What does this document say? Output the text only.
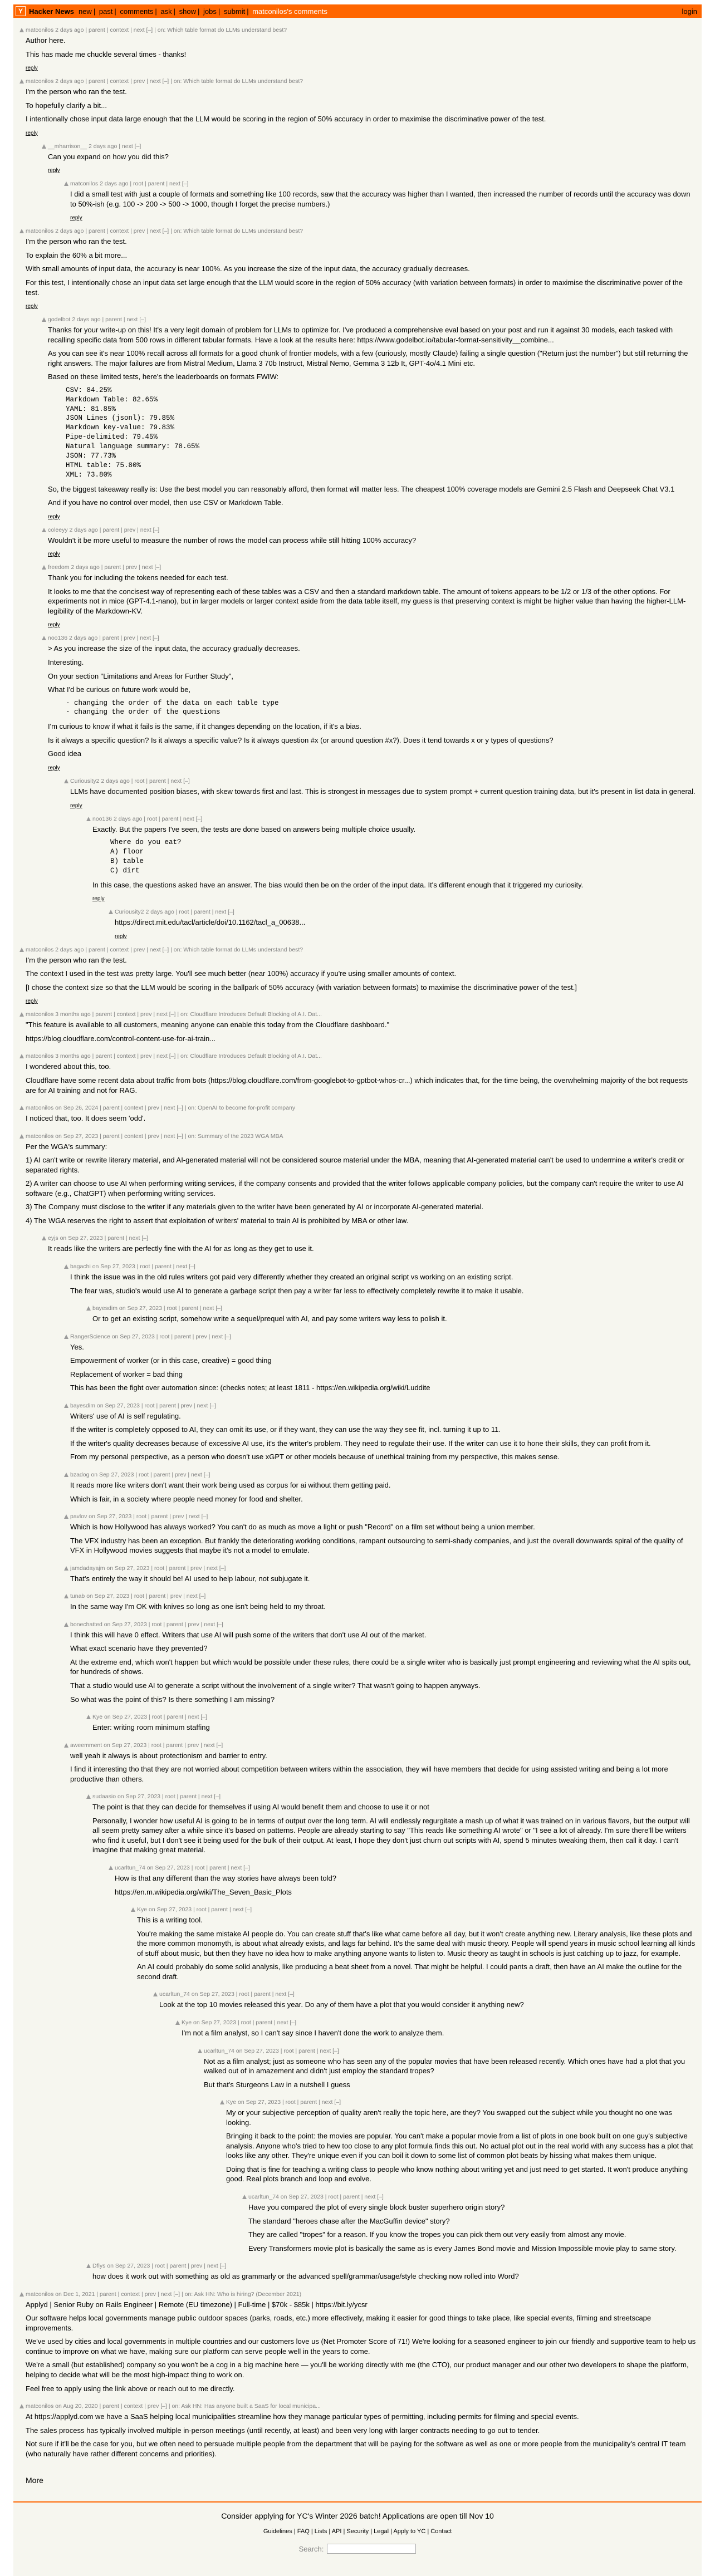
Y Hacker News new | past | comments | ask | show | jobs | submit | matconilos's comments	login
matconilos 2 days ago | parent | context | next [–] | on: Which table format do LLMs understand best?

Author here.

This has made me chuckle several times - thanks!

reply
matconilos 2 days ago | parent | context | prev | next [–] | on: Which table format do LLMs understand best?

I'm the person who ran the test.

To hopefully clarify a bit...

I intentionally chose input data large enough that the LLM would be scoring in the region of 50% accuracy in order to maximise the discriminative power of the test.

reply
__mharrison__ 2 days ago | next [–]

Can you expand on how you did this?

reply
matconilos 2 days ago | root | parent | next [–]

I did a small test with just a couple of formats and something like 100 records, saw that the accuracy was higher than I wanted, then increased the number of records until the accuracy was down to 50%-ish (e.g. 100 -> 200 -> 500 -> 1000, though I forget the precise numbers.)

reply
matconilos 2 days ago | parent | context | prev | next [–] | on: Which table format do LLMs understand best?

I'm the person who ran the test.

To explain the 60% a bit more...

With small amounts of input data, the accuracy is near 100%. As you increase the size of the input data, the accuracy gradually decreases.

For this test, I intentionally chose an input data set large enough that the LLM would score in the region of 50% accuracy (with variation between formats) in order to maximise the discriminative power of the test.

reply
godelbot 2 days ago | parent | next [–]

Thanks for your write-up on this! It's a very legit domain of problem for LLMs to optimize for. I've produced a comprehensive eval based on your post and run it against 30 models, each tasked with recalling specific data from 500 rows in different tabular formats. Have a look at the results here: https://www.godelbot.io/tabular-format-sensitivity__combine...

As you can see it's near 100% recall across all formats for a good chunk of frontier models, with a few (curiously, mostly Claude) failing a single question ("Return just the number") but still returning the right answers. The major failures are from Mistral Medium, Llama 3 70b Instruct, Mistral Nemo, Gemma 3 12b It, GPT-4o/4.1 Mini etc.

Based on these limited tests, here's the leaderboards on formats FWIW:

CSV: 84.25%
Markdown Table: 82.65%
YAML: 81.85%
JSON Lines (jsonl): 79.85%
Markdown key-value: 79.83%
Pipe-delimited: 79.45%
Natural language summary: 78.65%
JSON: 77.73%
HTML table: 75.80%
XML: 73.80%

So, the biggest takeaway really is: Use the best model you can reasonably afford, then format will matter less. The cheapest 100% coverage models are Gemini 2.5 Flash and Deepseek Chat V3.1

And if you have no control over model, then use CSV or Markdown Table.

reply
coleeyy 2 days ago | parent | prev | next [–]

Wouldn't it be more useful to measure the number of rows the model can process while still hitting 100% accuracy?

reply
freedom 2 days ago | parent | prev | next [–]

Thank you for including the tokens needed for each test.

It looks to me that the concisest way of representing each of these tables was a CSV and then a standard markdown table. The amount of tokens appears to be 1/2 or 1/3 of the other options. For experiments not in mice (GPT-4.1-nano), but in larger models or larger context aside from the data table itself, my guess is that preserving context is might be higher value than having the higher-LLM-legibility of the Markdown-KV.

reply
noo136 2 days ago | parent | prev | next [–]

> As you increase the size of the input data, the accuracy gradually decreases.

Interesting.

On your section "Limitations and Areas for Further Study",

What I'd be curious on future work would be,

- changing the order of the data on each table type
- changing the order of the questions

I'm curious to know if what it fails is the same, if it changes depending on the location, if it's a bias.

Is it always a specific question? Is it always a specific value? Is it always question #x (or around question #x?). Does it tend towards x or y types of questions?

Good idea

reply
Curiousity2 2 days ago | root | parent | next [–]

LLMs have documented position biases, with skew towards first and last. This is strongest in messages due to system prompt + current question training data, but it's present in list data in general.

reply
noo136 2 days ago | root | parent | next [–]

Exactly. But the papers I've seen, the tests are done based on answers being multiple choice usually.

Where do you eat?
A) floor
B) table
C) dirt

In this case, the questions asked have an answer. The bias would then be on the order of the input data. It's different enough that it triggered my curiosity.

reply
Curiousity2 2 days ago | root | parent | next [–]

https://direct.mit.edu/tacl/article/doi/10.1162/tacl_a_00638...

reply
matconilos 2 days ago | parent | context | prev | next [–] | on: Which table format do LLMs understand best?

I'm the person who ran the test.

The context I used in the test was pretty large. You'll see much better (near 100%) accuracy if you're using smaller amounts of context.

[I chose the context size so that the LLM would be scoring in the ballpark of 50% accuracy (with variation between formats) to maximise the discriminative power of the test.]

reply
matconilos 3 months ago | parent | context | prev | next [–] | on: Cloudflare Introduces Default Blocking of A.I. Dat...

"This feature is available to all customers, meaning anyone can enable this today from the Cloudflare dashboard."

https://blog.cloudflare.com/control-content-use-for-ai-train...

matconilos 3 months ago | parent | context | prev | next [–] | on: Cloudflare Introduces Default Blocking of A.I. Dat...

I wondered about this, too.

Cloudflare have some recent data about traffic from bots (https://blog.cloudflare.com/from-googlebot-to-gptbot-whos-cr...) which indicates that, for the time being, the overwhelming majority of the bot requests are for AI training and not for RAG.

matconilos on Sep 26, 2024 | parent | context | prev | next [–] | on: OpenAI to become for-profit company

I noticed that, too. It does seem 'odd'.

matconilos on Sep 27, 2023 | parent | context | prev | next [–] | on: Summary of the 2023 WGA MBA

Per the WGA's summary:

1) AI can't write or rewrite literary material, and AI-generated material will not be considered source material under the MBA, meaning that AI-generated material can't be used to undermine a writer's credit or separated rights.

2) A writer can choose to use AI when performing writing services, if the company consents and provided that the writer follows applicable company policies, but the company can't require the writer to use AI software (e.g., ChatGPT) when performing writing services.

3) The Company must disclose to the writer if any materials given to the writer have been generated by AI or incorporate AI-generated material.

4) The WGA reserves the right to assert that exploitation of writers' material to train AI is prohibited by MBA or other law.

eyjs on Sep 27, 2023 | parent | next [–]

It reads like the writers are perfectly fine with the AI for as long as they get to use it.

bagachi on Sep 27, 2023 | root | parent | next [–]

I think the issue was in the old rules writers got paid very differently whether they created an original script vs working on an existing script.

The fear was, studio's would use AI to generate a garbage script then pay a writer far less to effectively completely rewrite it to make it usable.

bayesdim on Sep 27, 2023 | root | parent | next [–]

Or to get an existing script, somehow write a sequel/prequel with AI, and pay some writers way less to polish it.

RangerScience on Sep 27, 2023 | root | parent | prev | next [–]

Yes.

Empowerment of worker (or in this case, creative) = good thing

Replacement of worker = bad thing

This has been the fight over automation since: (checks notes; at least 1811 - https://en.wikipedia.org/wiki/Luddite

bayesdim on Sep 27, 2023 | root | parent | prev | next [–]

Writers' use of AI is self regulating.

If the writer is completely opposed to AI, they can omit its use, or if they want, they can use the way they see fit, incl. turning it up to 11.

If the writer's quality decreases because of excessive AI use, it's the writer's problem. They need to regulate their use. If the writer can use it to hone their skills, they can profit from it.

From my personal perspective, as a person who doesn't use xGPT or other models because of unethical training from my perspective, this makes sense.

bzadog on Sep 27, 2023 | root | parent | prev | next [–]

It reads more like writers don't want their work being used as corpus for ai without them getting paid.

Which is fair, in a society where people need money for food and shelter.

pavlov on Sep 27, 2023 | root | parent | prev | next [–]

Which is how Hollywood has always worked? You can't do as much as move a light or push "Record" on a film set without being a union member.

The VFX industry has been an exception. But frankly the deteriorating working conditions, rampant outsourcing to semi-shady companies, and just the overall downwards spiral of the quality of VFX in Hollywood movies suggests that maybe it's not a model to emulate.

jamdadayajm on Sep 27, 2023 | root | parent | prev | next [–]

That's entirely the way it should be! AI used to help labour, not subjugate it.

tunab on Sep 27, 2023 | root | parent | prev | next [–]

In the same way I'm OK with knives so long as one isn't being held to my throat.

bonechatted on Sep 27, 2023 | root | parent | prev | next [–]

I think this will have 0 effect. Writers that use AI will push some of the writers that don't use AI out of the market.

What exact scenario have they prevented?

At the extreme end, which won't happen but which would be possible under these rules, there could be a single writer who is basically just prompt engineering and reviewing what the AI spits out, for hundreds of shows.

That a studio would use AI to generate a script without the involvement of a single writer? That wasn't going to happen anyways.

So what was the point of this? Is there something I am missing?

Kye on Sep 27, 2023 | root | parent | next [–]

Enter: writing room minimum staffing

aweemment on Sep 27, 2023 | root | parent | prev | next [–]

well yeah it always is about protectionism and barrier to entry.

I find it interesting tho that they are not worried about competition between writers within the association, they will have members that decide for using assisted writing and being a lot more productive than others.

sudaasio on Sep 27, 2023 | root | parent | next [–]

The point is that they can decide for themselves if using AI would benefit them and choose to use it or not

Personally, I wonder how useful AI is going to be in terms of output over the long term. AI will endlessly regurgitate a mash up of what it was trained on in various flavors, but the output will all seem pretty samey after a while since it's based on patterns. People are already starting to say "This reads like something AI wrote" or "I see a lot of already. I'm sure there'll be writers who find it useful, but I don't see it being used for the bulk of their output. At least, I hope they don't just churn out scripts with AI, spend 5 minutes tweaking them, then call it day. I can't imagine that making great material.

ucarltun_74 on Sep 27, 2023 | root | parent | next [–]

How is that any different than the way stories have always been told?

https://en.m.wikipedia.org/wiki/The_Seven_Basic_Plots

Kye on Sep 27, 2023 | root | parent | next [–]

This is a writing tool.

You're making the same mistake AI people do. You can create stuff that's like what came before all day, but it won't create anything new. Literary analysis, like these plots and the more common monomyth, is about what already exists, and lags far behind. It's the same deal with music theory. People will spend years in music school learning all kinds of stuff about music, but then they have no idea how to make anything anyone wants to listen to. Music theory as taught in schools is just catching up to jazz, for example.

An AI could probably do some solid analysis, like producing a beat sheet from a novel. That might be helpful. I could pants a draft, then have an AI make the outline for the second draft.

ucarltun_74 on Sep 27, 2023 | root | parent | next [–]

Look at the top 10 movies released this year. Do any of them have a plot that you would consider it anything new?

Kye on Sep 27, 2023 | root | parent | next [–]

I'm not a film analyst, so I can't say since I haven't done the work to analyze them.

ucarltun_74 on Sep 27, 2023 | root | parent | next [–]

Not as a film analyst; just as someone who has seen any of the popular movies that have been released recently. Which ones have had a plot that you walked out of in amazement and didn't just employ the standard tropes?

But that's Sturgeons Law in a nutshell I guess

Kye on Sep 27, 2023 | root | parent | next [–]

My or your subjective perception of quality aren't really the topic here, are they? You swapped out the subject while you thought no one was looking.

Bringing it back to the point: the movies are popular. You can't make a popular movie from a list of plots in one book built on one guy's subjective analysis. Anyone who's tried to hew too close to any plot formula finds this out. No actual plot out in the real world with any success has a plot that looks like any other. They're unique even if you can boil it down to some list of common plot beats by hissing what makes them unique.

Doing that is fine for teaching a writing class to people who know nothing about writing yet and just need to get started. It won't produce anything good. Real plots branch and loop and evolve.

ucarltun_74 on Sep 27, 2023 | root | parent | next [–]

Have you compared the plot of every single block buster superhero origin story?

The standard "heroes chase after the MacGuffin device" story?

They are called "tropes" for a reason. If you know the tropes you can pick them out very easily from almost any movie.

Every Transformers movie plot is basically the same as is every James Bond movie and Mission Impossible movie play to same story.

Dfiys on Sep 27, 2023 | root | parent | prev | next [–]

how does it work out with something as old as grammarly or the advanced spell/grammar/usage/style checking now rolled into Word?

matconilos on Dec 1, 2021 | parent | context | prev | next [–] | on: Ask HN: Who is hiring? (December 2021)

Applyd | Senior Ruby on Rails Engineer | Remote (EU timezone) | Full-time | $70k - $85k | https://bit.ly/ycsr

Our software helps local governments manage public outdoor spaces (parks, roads, etc.) more effectively, making it easier for good things to take place, like special events, filming and streetscape improvements.

We've used by cities and local governments in multiple countries and our customers love us (Net Promoter Score of 71!) We're looking for a seasoned engineer to join our friendly and supportive team to help us continue to improve on what we have, making sure our platform can serve people well in the years to come.

We're a small (but established) company so you won't be a cog in a big machine here — you'll be working directly with me (the CTO), our product manager and our other two developers to shape the platform, helping to decide what will be the most high-impact thing to work on.

Feel free to apply using the link above or reach out to me directly.

matconilos on Aug 20, 2020 | parent | context | prev [–] | on: Ask HN: Has anyone built a SaaS for local municipa...

At https://applyd.com we have a SaaS helping local municipalities streamline how they manage particular types of permitting, including permits for filming and special events.

The sales process has typically involved multiple in-person meetings (until recently, at least) and been very long with larger contracts needing to go out to tender.

Not sure if it'll be the case for you, but we often need to persuade multiple people from the department that will be paying for the software as well as one or more people from the municipality's central IT team (who naturally have rather different concerns and priorities).

More
Consider applying for YC's Winter 2026 batch! Applications are open till Nov 10
Guidelines | FAQ | Lists | API | Security | Legal | Apply to YC | Contact
Search:
